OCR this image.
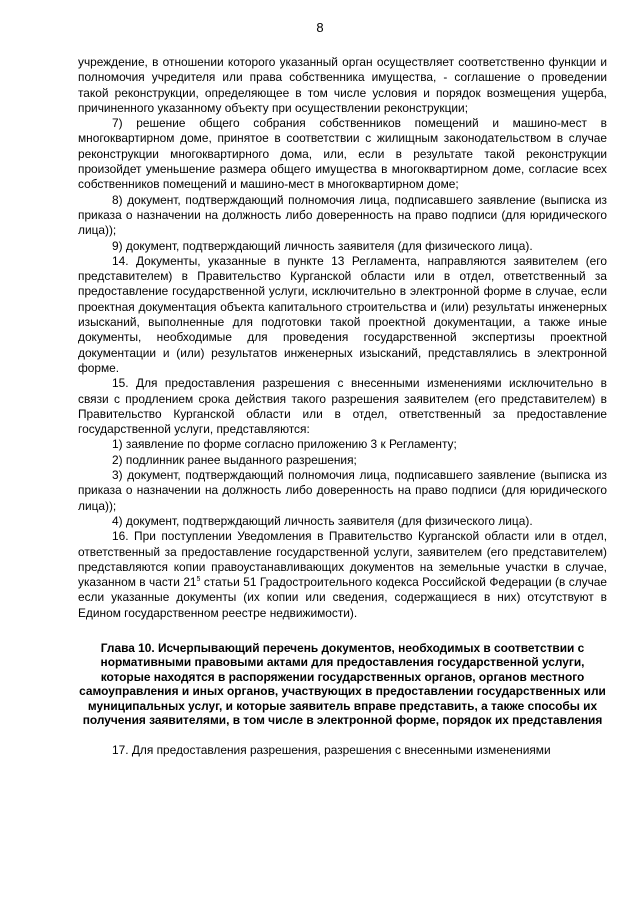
8

учреждение, в отношении которого указанный орган осуществляет соответственно функции и полномочия учредителя или права собственника имущества, - соглашение о проведении такой реконструкции, определяющее в том числе условия и порядок возмещения ущерба, причиненного указанному объекту при осуществлении реконструкции;

7) решение общего собрания собственников помещений и машино-мест в многоквартирном доме, принятое в соответствии с жилищным законодательством в случае реконструкции многоквартирного дома, или, если в результате такой реконструкции произойдет уменьшение размера общего имущества в многоквартирном доме, согласие всех собственников помещений и машино-мест в многоквартирном доме;

8) документ, подтверждающий полномочия лица, подписавшего заявление (выписка из приказа о назначении на должность либо доверенность на право подписи (для юридического лица));

9) документ, подтверждающий личность заявителя (для физического лица).

14. Документы, указанные в пункте 13 Регламента, направляются заявителем (его представителем) в Правительство Курганской области или в отдел, ответственный за предоставление государственной услуги, исключительно в электронной форме в случае, если проектная документация объекта капитального строительства и (или) результаты инженерных изысканий, выполненные для подготовки такой проектной документации, а также иные документы, необходимые для проведения государственной экспертизы проектной документации и (или) результатов инженерных изысканий, представлялись в электронной форме.

15. Для предоставления разрешения с внесенными изменениями исключительно в связи с продлением срока действия такого разрешения заявителем (его представителем) в Правительство Курганской области или в отдел, ответственный за предоставление государственной услуги, представляются:

1) заявление по форме согласно приложению 3 к Регламенту;

2) подлинник ранее выданного разрешения;

3) документ, подтверждающий полномочия лица, подписавшего заявление (выписка из приказа о назначении на должность либо доверенность на право подписи (для юридического лица));

4) документ, подтверждающий личность заявителя (для физического лица).

16. При поступлении Уведомления в Правительство Курганской области или в отдел, ответственный за предоставление государственной услуги, заявителем (его представителем) представляются копии правоустанавливающих документов на земельные участки в случае, указанном в части $21^5$ статьи 51 Градостроительного кодекса Российской Федерации (в случае если указанные документы (их копии или сведения, содержащиеся в них) отсутствуют в Едином государственном реестре недвижимости).

Глава 10. Исчерпывающий перечень документов, необходимых в соответствии с нормативными правовыми актами для предоставления государственной услуги, которые находятся в распоряжении государственных органов, органов местного самоуправления и иных органов, участвующих в предоставлении государственных или муниципальных услуг, и которые заявитель вправе представить, а также способы их получения заявителями, в том числе в электронной форме, порядок их представления

17. Для предоставления разрешения, разрешения с внесенными изменениями
